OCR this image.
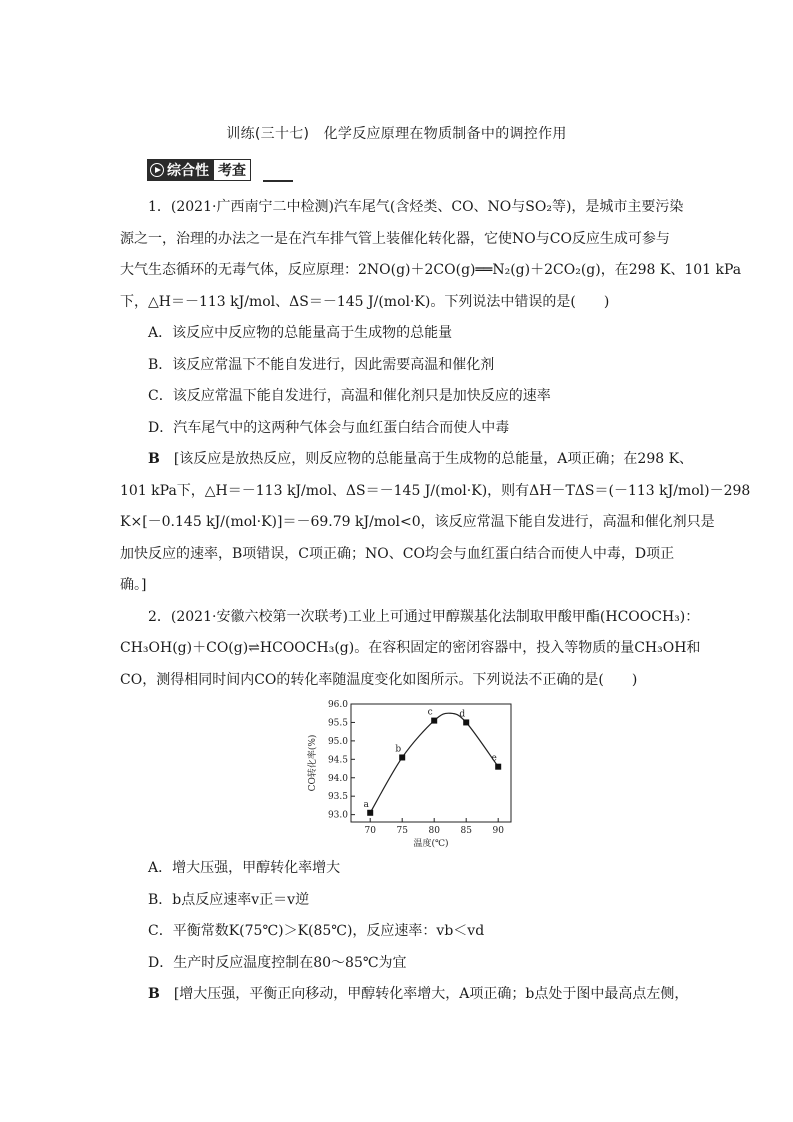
训练(三十七)　化学反应原理在物质制备中的调控作用
综合性 考查
1．(2021·广西南宁二中检测)汽车尾气(含烃类、CO、NO与SO₂等)，是城市主要污染
源之一，治理的办法之一是在汽车排气管上装催化转化器，它使NO与CO反应生成可参与
大气生态循环的无毒气体，反应原理：2NO(g)＋2CO(g)══N₂(g)＋2CO₂(g)，在298 K、101 kPa
下，△H＝－113 kJ/mol、ΔS＝－145 J/(mol·K)。下列说法中错误的是(　　)
A．该反应中反应物的总能量高于生成物的总能量
B．该反应常温下不能自发进行，因此需要高温和催化剂
C．该反应常温下能自发进行，高温和催化剂只是加快反应的速率
D．汽车尾气中的这两种气体会与血红蛋白结合而使人中毒
B　 [该反应是放热反应，则反应物的总能量高于生成物的总能量，A项正确；在298 K、
101 kPa下，△H＝－113 kJ/mol、ΔS＝－145 J/(mol·K)，则有ΔH－TΔS＝(－113 kJ/mol)－298
K×[－0.145 kJ/(mol·K)]＝－69.79 kJ/mol<0，该反应常温下能自发进行，高温和催化剂只是
加快反应的速率，B项错误，C项正确；NO、CO均会与血红蛋白结合而使人中毒，D项正
确。]
2．(2021·安徽六校第一次联考)工业上可通过甲醇羰基化法制取甲酸甲酯(HCOOCH₃)：
CH₃OH(g)＋CO(g)⇌HCOOCH₃(g)。在容积固定的密闭容器中，投入等物质的量CH₃OH和
CO，测得相同时间内CO的转化率随温度变化如图所示。下列说法不正确的是(　　)
70 75 80 85 90
93.0
93.5
94.0
94.5
95.0
95.5
96.0
温度(℃)
CO转化率(%)
a
b
c	d
e
A．增大压强，甲醇转化率增大
B．b点反应速率v正＝v逆
C．平衡常数K(75℃)＞K(85℃)，反应速率：vb＜vd
D．生产时反应温度控制在80～85℃为宜
B　 [增大压强，平衡正向移动，甲醇转化率增大，A项正确；b点处于图中最高点左侧，
